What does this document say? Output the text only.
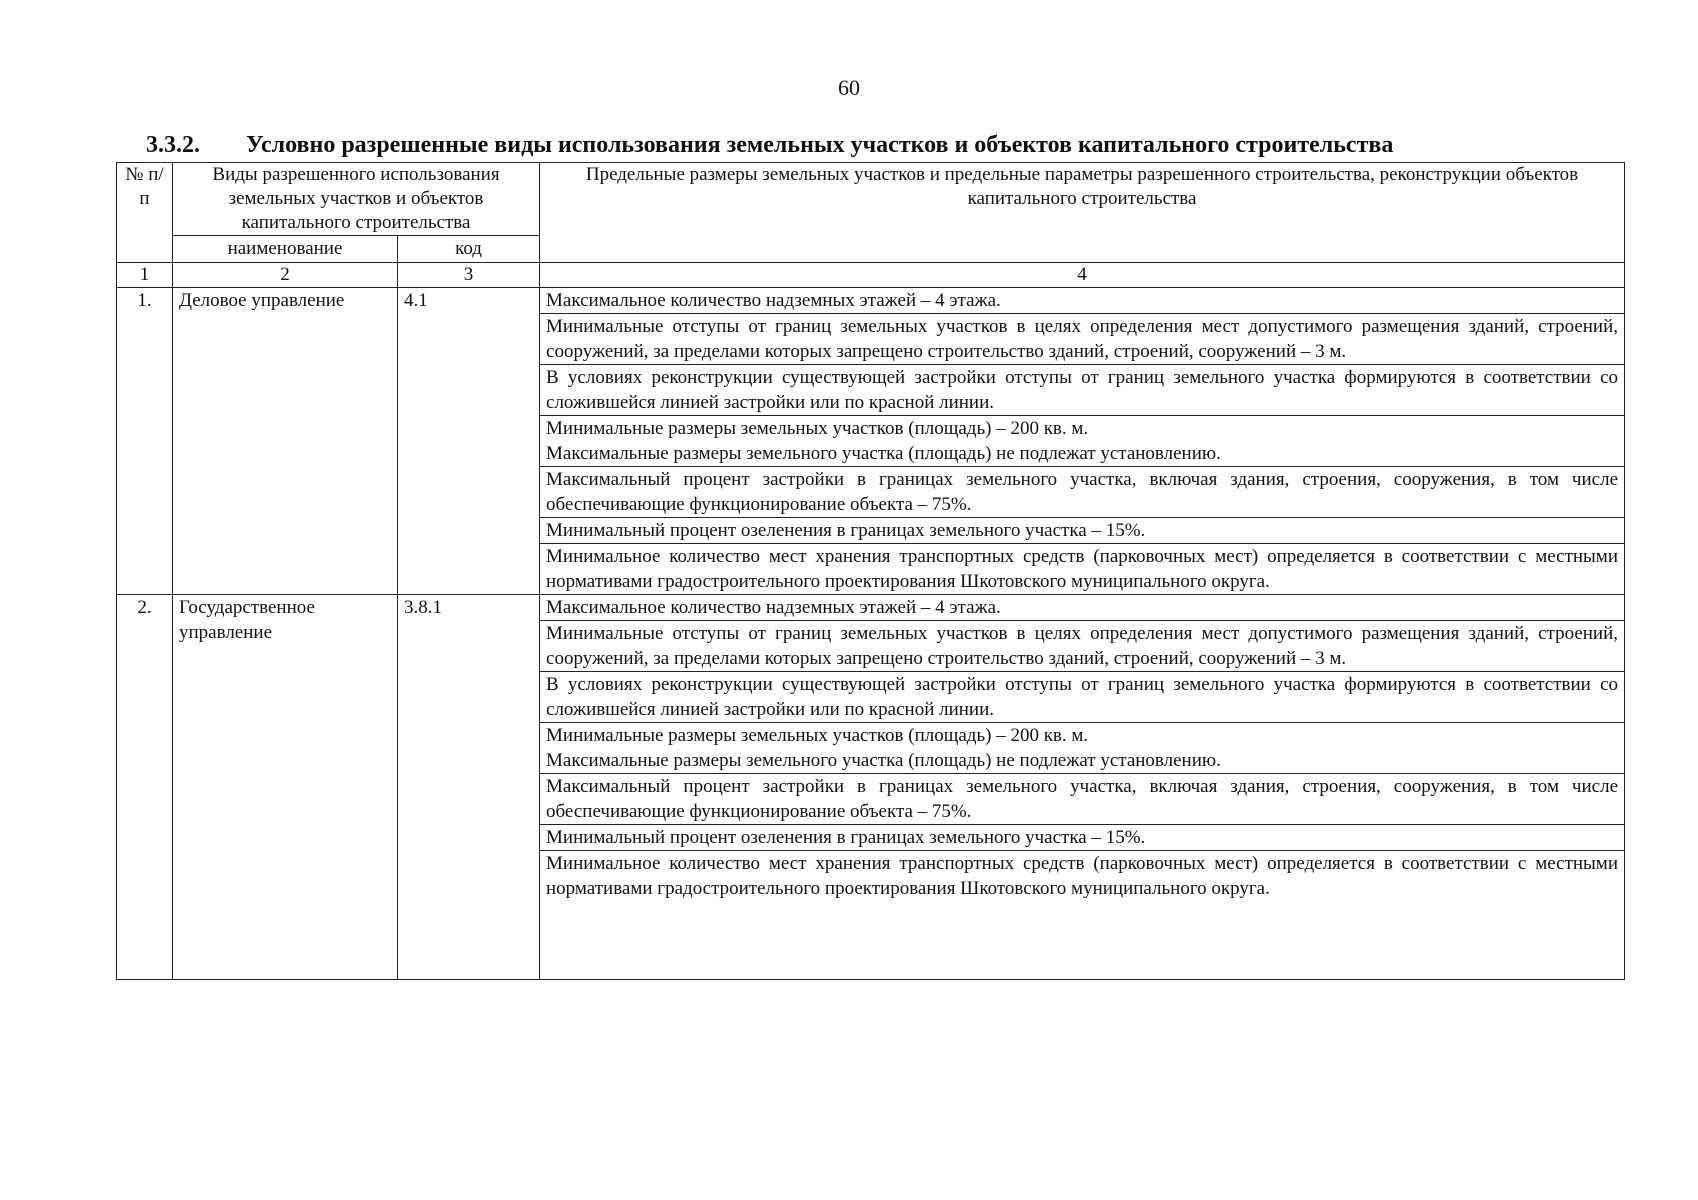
60
3.3.2. Условно разрешенные виды использования земельных участков и объектов капитального строительства
№ п/п	Виды разрешенного использования земельных участков и объектов капитального строительства		Предельные размеры земельных участков и предельные параметры разрешенного строительства, реконструкции объектов капитального строительства
	наименование	код	
1	2	3	4
1.	Деловое управление	4.1	Максимальное количество надземных этажей – 4 этажа.
			Минимальные отступы от границ земельных участков в целях определения мест допустимого размещения зданий, строений, сооружений, за пределами которых запрещено строительство зданий, строений, сооружений – 3 м.
			В условиях реконструкции существующей застройки отступы от границ земельного участка формируются в соответствии со сложившейся линией застройки или по красной линии.

			Минимальные размеры земельных участков (площадь) – 200 кв. м.
Максимальные размеры земельного участка (площадь) не подлежат установлению.

			Максимальный процент застройки в границах земельного участка, включая здания, строения, сооружения, в том числе обеспечивающие функционирование объекта – 75%.
			Минимальный процент озеленения в границах земельного участка – 15%.
			Минимальное количество мест хранения транспортных средств (парковочных мест) определяется в соответствии с местными нормативами градостроительного проектирования Шкотовского муниципального округа.
2.	Государственное управление	3.8.1	Максимальное количество надземных этажей – 4 этажа.
			Минимальные отступы от границ земельных участков в целях определения мест допустимого размещения зданий, строений, сооружений, за пределами которых запрещено строительство зданий, строений, сооружений – 3 м.
			В условиях реконструкции существующей застройки отступы от границ земельного участка формируются в соответствии со сложившейся линией застройки или по красной линии.

			Минимальные размеры земельных участков (площадь) – 200 кв. м.
Максимальные размеры земельного участка (площадь) не подлежат установлению.

			Максимальный процент застройки в границах земельного участка, включая здания, строения, сооружения, в том числе обеспечивающие функционирование объекта – 75%.
			Минимальный процент озеленения в границах земельного участка – 15%.
			Минимальное количество мест хранения транспортных средств (парковочных мест) определяется в соответствии с местными нормативами градостроительного проектирования Шкотовского муниципального округа.
